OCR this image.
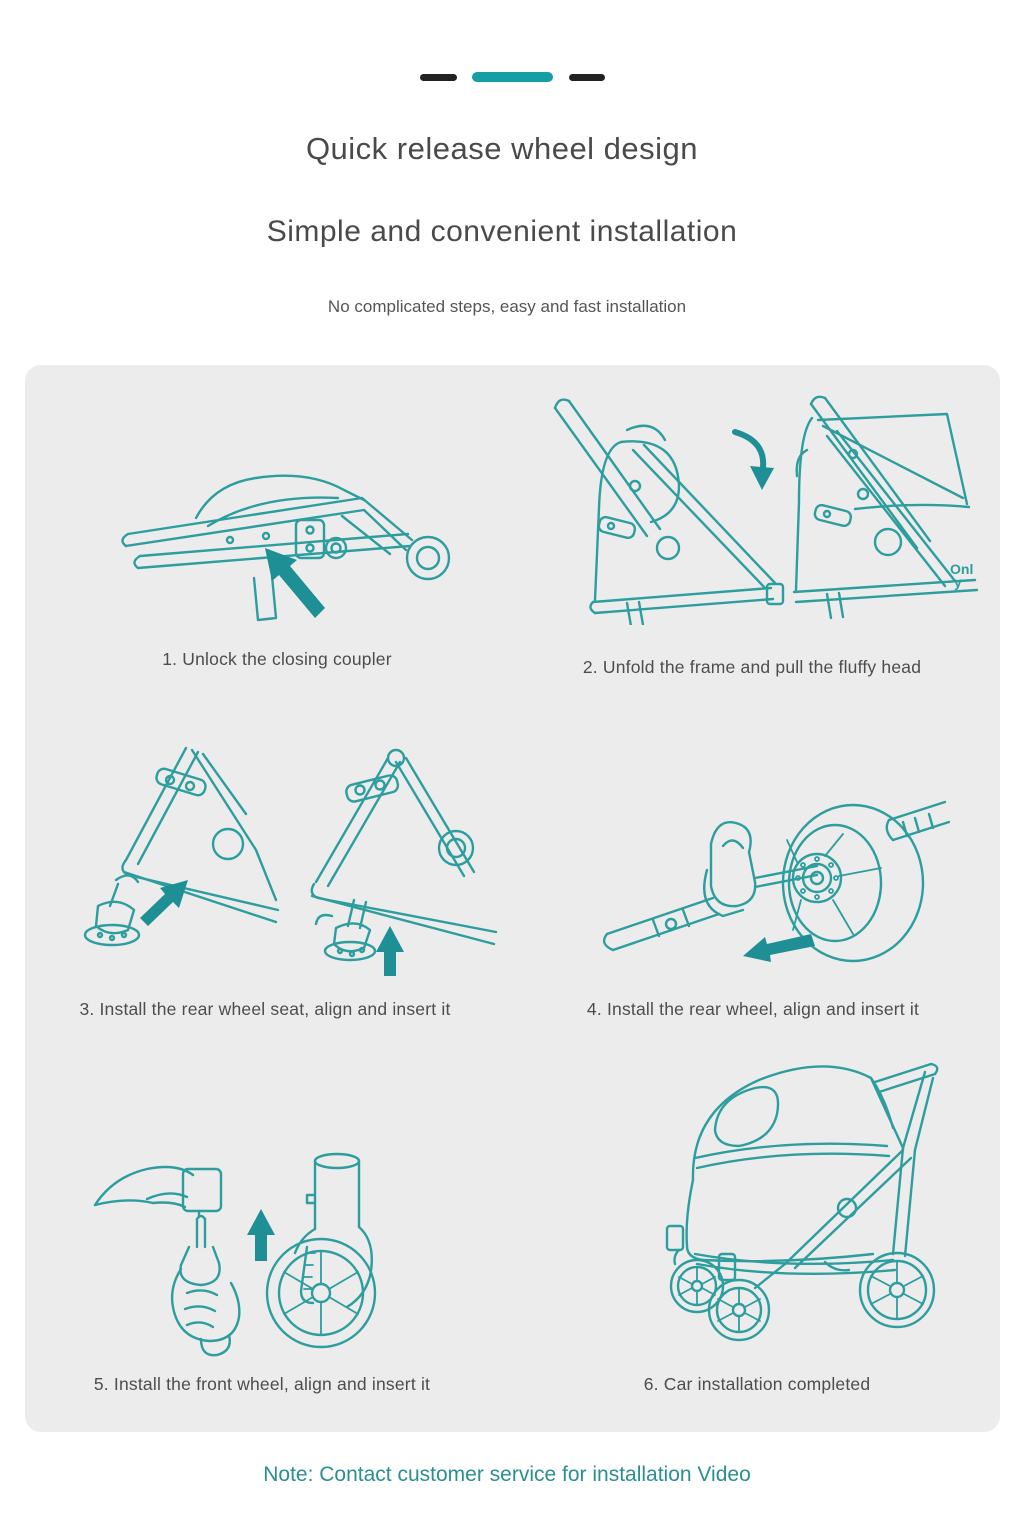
Quick release wheel design
Simple and convenient installation
No complicated steps, easy and fast installation
1. Unlock the closing coupler	2. Unfold the frame and pull the fluffy head
Onl
y
3. Install the rear wheel seat, align and insert it	4. Install the rear wheel, align and insert it
5. Install the front wheel, align and insert it	6. Car installation completed
Note: Contact customer service for installation Video
